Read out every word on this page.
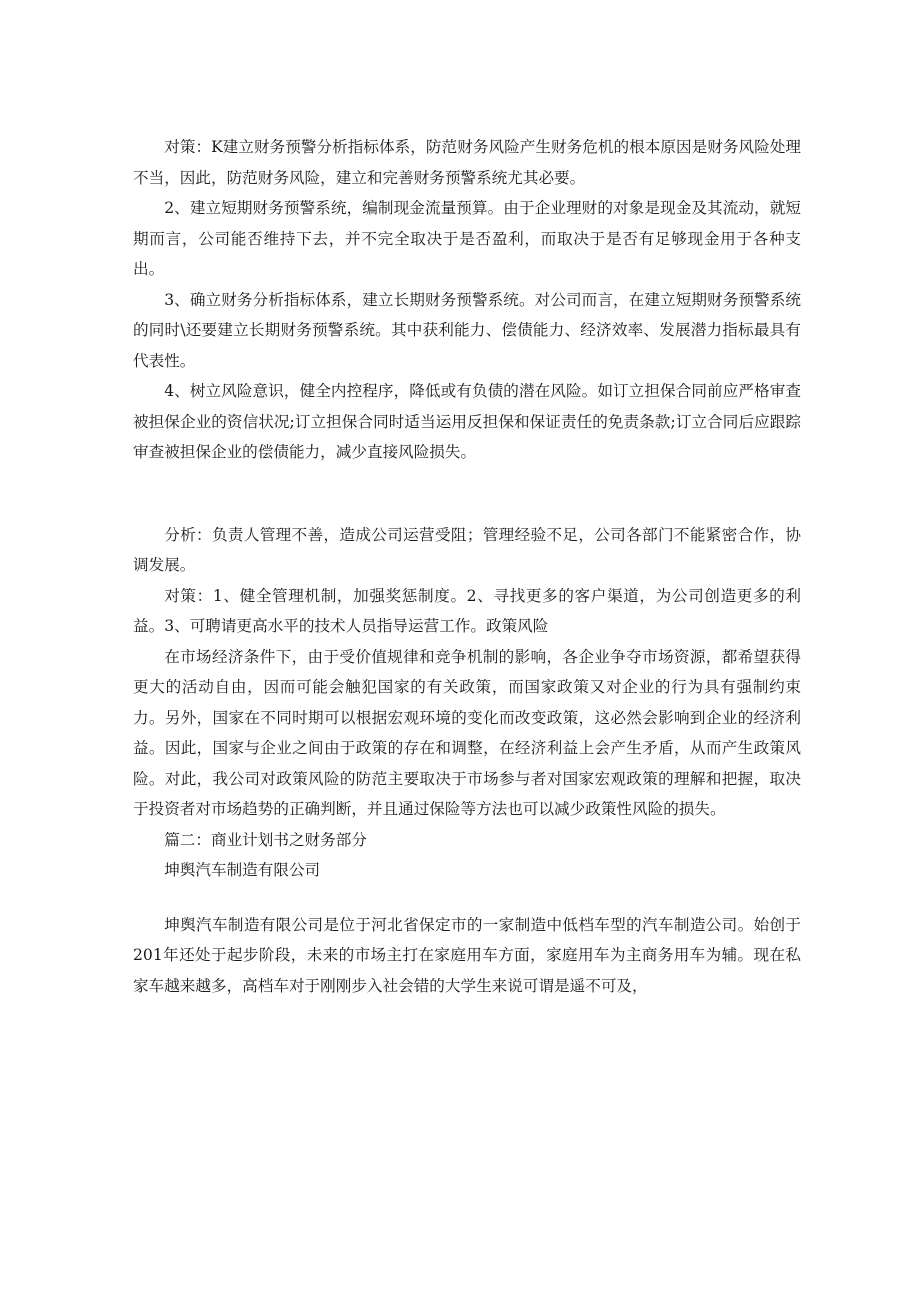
对策：K建立财务预警分析指标体系，防范财务风险产生财务危机的根本原因是财务风险处理不当，因此，防范财务风险，建立和完善财务预警系统尤其必要。

2、建立短期财务预警系统，编制现金流量预算。由于企业理财的对象是现金及其流动，就短期而言，公司能否维持下去，并不完全取决于是否盈利，而取决于是否有足够现金用于各种支出。

3、确立财务分析指标体系，建立长期财务预警系统。对公司而言，在建立短期财务预警系统的同时\还要建立长期财务预警系统。其中获利能力、偿债能力、经济效率、发展潜力指标最具有代表性。

4、树立风险意识，健全内控程序，降低或有负债的潜在风险。如订立担保合同前应严格审查被担保企业的资信状况;订立担保合同时适当运用反担保和保证责任的免责条款;订立合同后应跟踪审查被担保企业的偿债能力，减少直接风险损失。

分析：负责人管理不善，造成公司运营受阻；管理经验不足，公司各部门不能紧密合作，协调发展。

对策：1、健全管理机制，加强奖惩制度。2、寻找更多的客户渠道，为公司创造更多的利益。3、可聘请更高水平的技术人员指导运营工作。政策风险

在市场经济条件下，由于受价值规律和竞争机制的影响，各企业争夺市场资源，都希望获得更大的活动自由，因而可能会触犯国家的有关政策，而国家政策又对企业的行为具有强制约束力。另外，国家在不同时期可以根据宏观环境的变化而改变政策，这必然会影响到企业的经济利益。因此，国家与企业之间由于政策的存在和调整，在经济利益上会产生矛盾，从而产生政策风险。对此，我公司对政策风险的防范主要取决于市场参与者对国家宏观政策的理解和把握，取决于投资者对市场趋势的正确判断，并且通过保险等方法也可以减少政策性风险的损失。

篇二：商业计划书之财务部分

坤舆汽车制造有限公司

坤舆汽车制造有限公司是位于河北省保定市的一家制造中低档车型的汽车制造公司。始创于201年还处于起步阶段，未来的市场主打在家庭用车方面，家庭用车为主商务用车为辅。现在私家车越来越多，高档车对于刚刚步入社会错的大学生来说可谓是遥不可及，
